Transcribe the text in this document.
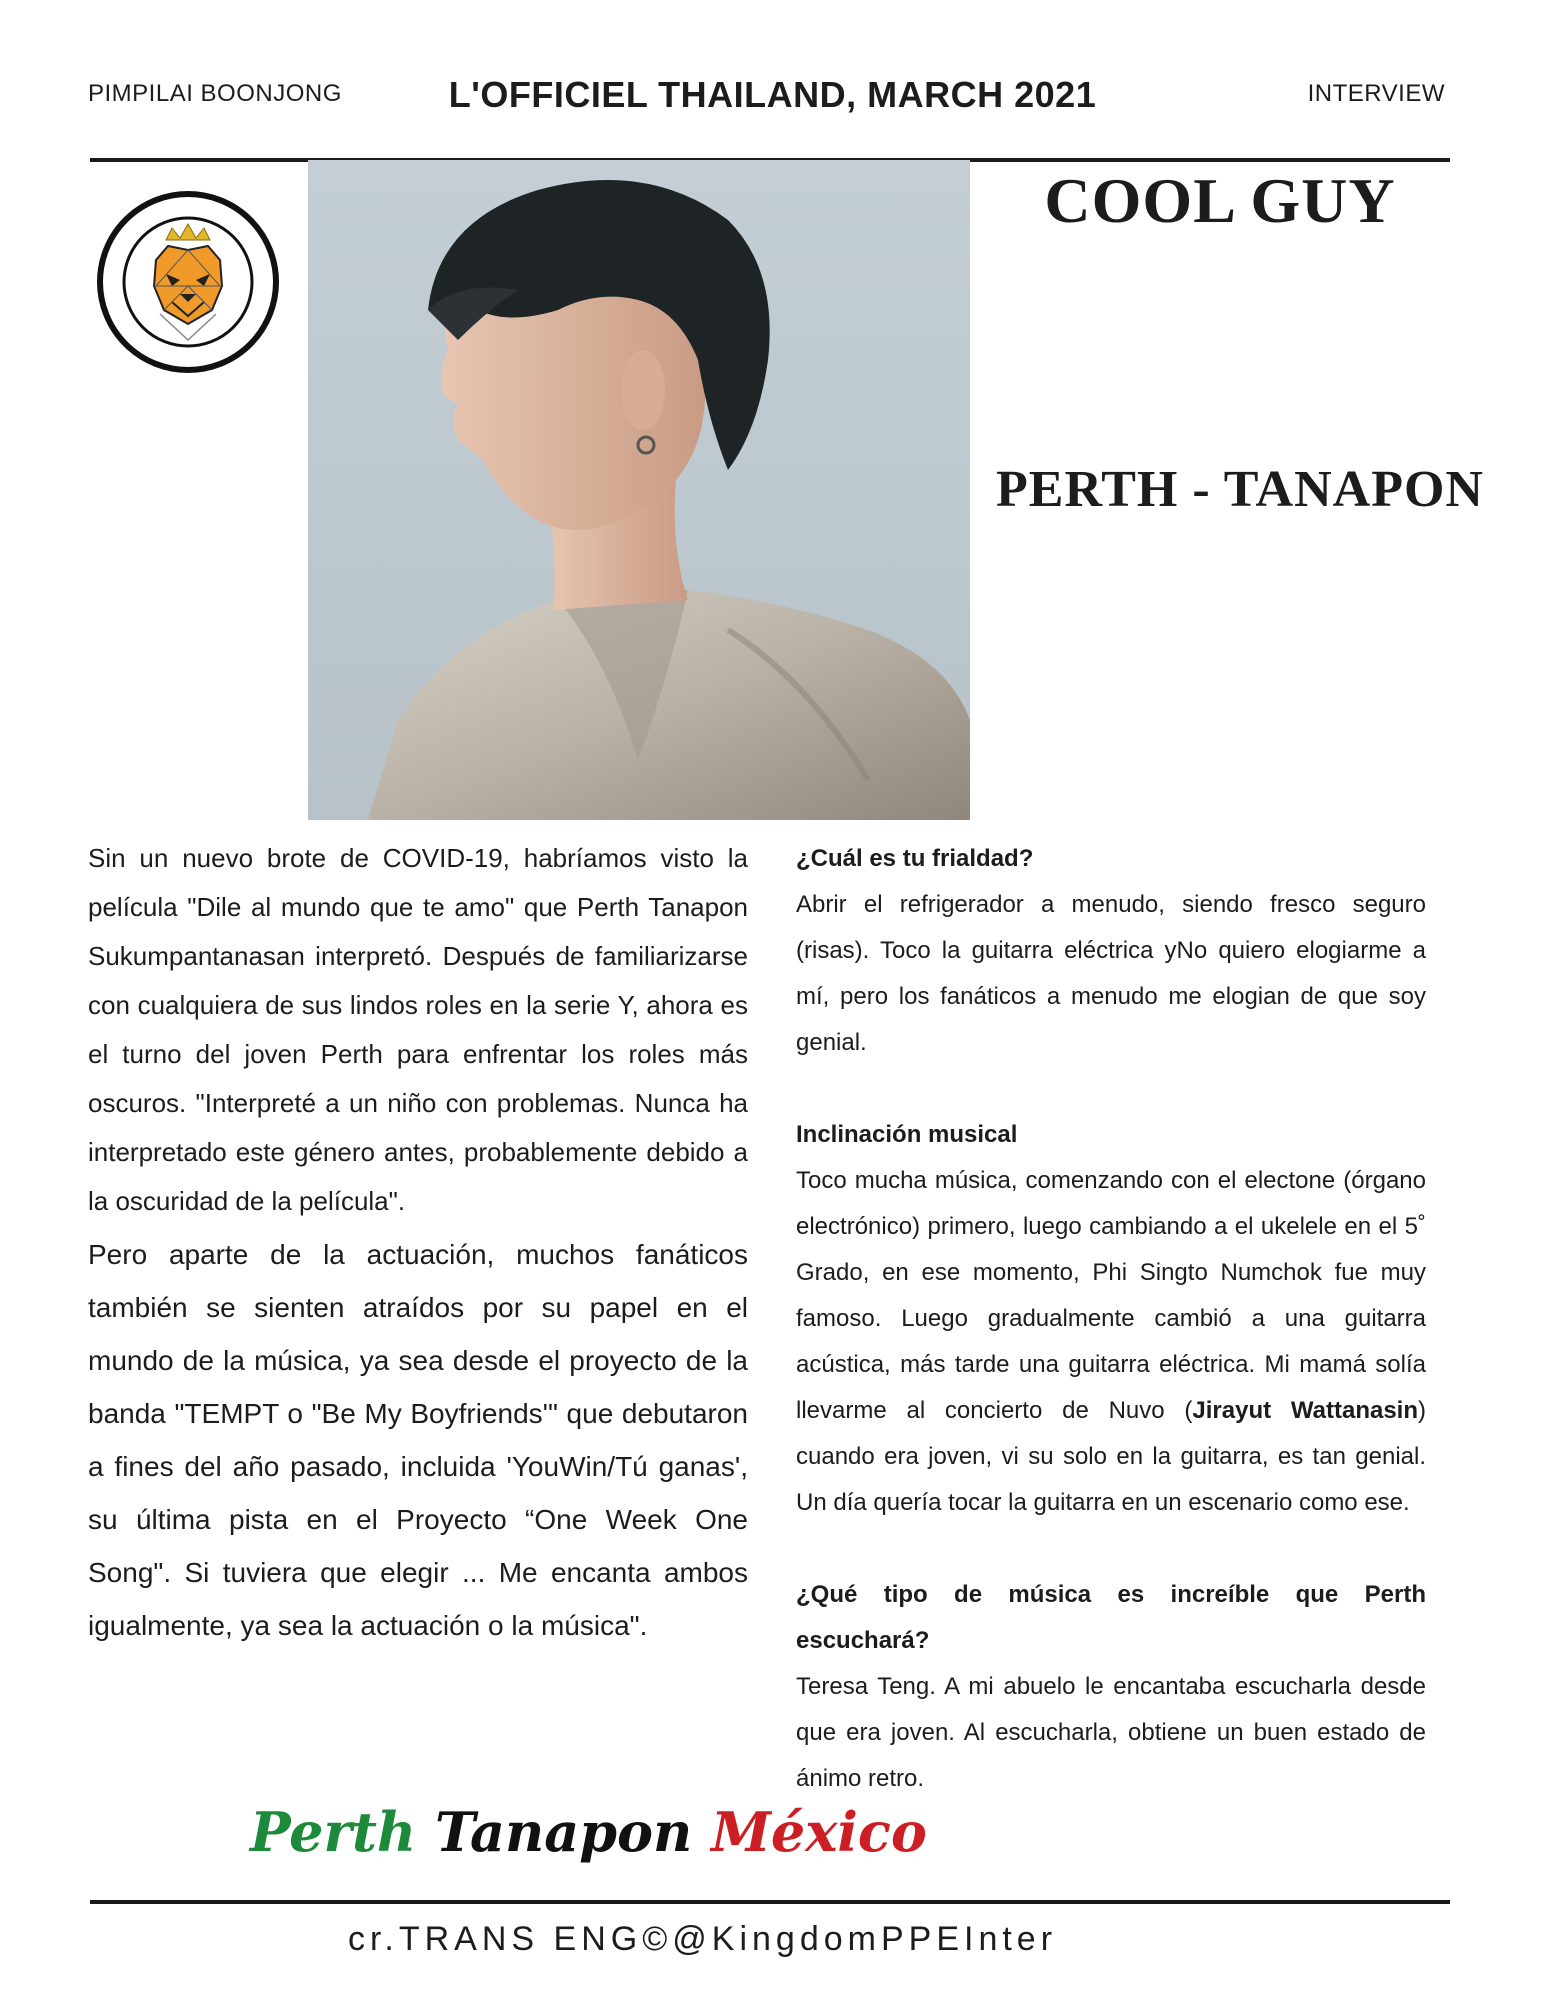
PIMPILAI BOONJONG	L'OFFICIEL THAILAND, MARCH 2021	INTERVIEW
COOL GUY
PERTH - TANAPON

Sin un nuevo brote de COVID-19, habríamos visto la película "Dile al mundo que te amo" que Perth Tanapon Sukumpantanasan interpretó. Después de familiarizarse con cualquiera de sus lindos roles en la serie Y, ahora es el turno del joven Perth para enfrentar los roles más oscuros. "Interpreté a un niño con problemas. Nunca ha interpretado este género antes, probablemente debido a la oscuridad de la película".

Pero aparte de la actuación, muchos fanáticos también se sienten atraídos por su papel en el mundo de la música, ya sea desde el proyecto de la banda "TEMPT o "Be My Boyfriends'" que debutaron a fines del año pasado, incluida 'YouWin/Tú ganas', su última pista en el Proyecto “One Week One Song". Si tuviera que elegir ... Me encanta ambos igualmente, ya sea la actuación o la música".

¿Cuál es tu frialdad?

Abrir el refrigerador a menudo, siendo fresco seguro (risas). Toco la guitarra eléctrica yNo quiero elogiarme a mí, pero los fanáticos a menudo me elogian de que soy genial.

Inclinación musical

Toco mucha música, comenzando con el electone (órgano electrónico) primero, luego cambiando a el ukelele en el 5˚ Grado, en ese momento, Phi Singto Numchok fue muy famoso. Luego gradualmente cambió a una guitarra acústica, más tarde una guitarra eléctrica. Mi mamá solía llevarme al concierto de Nuvo (Jirayut Wattanasin) cuando era joven, vi su solo en la guitarra, es tan genial. Un día quería tocar la guitarra en un escenario como ese.

¿Qué tipo de música es increíble que Perth escuchará?

Teresa Teng. A mi abuelo le encantaba escucharla desde que era joven. Al escucharla, obtiene un buen estado de ánimo retro.

Perth Tanapon México
cr.TRANS ENG©@KingdomPPEInter
